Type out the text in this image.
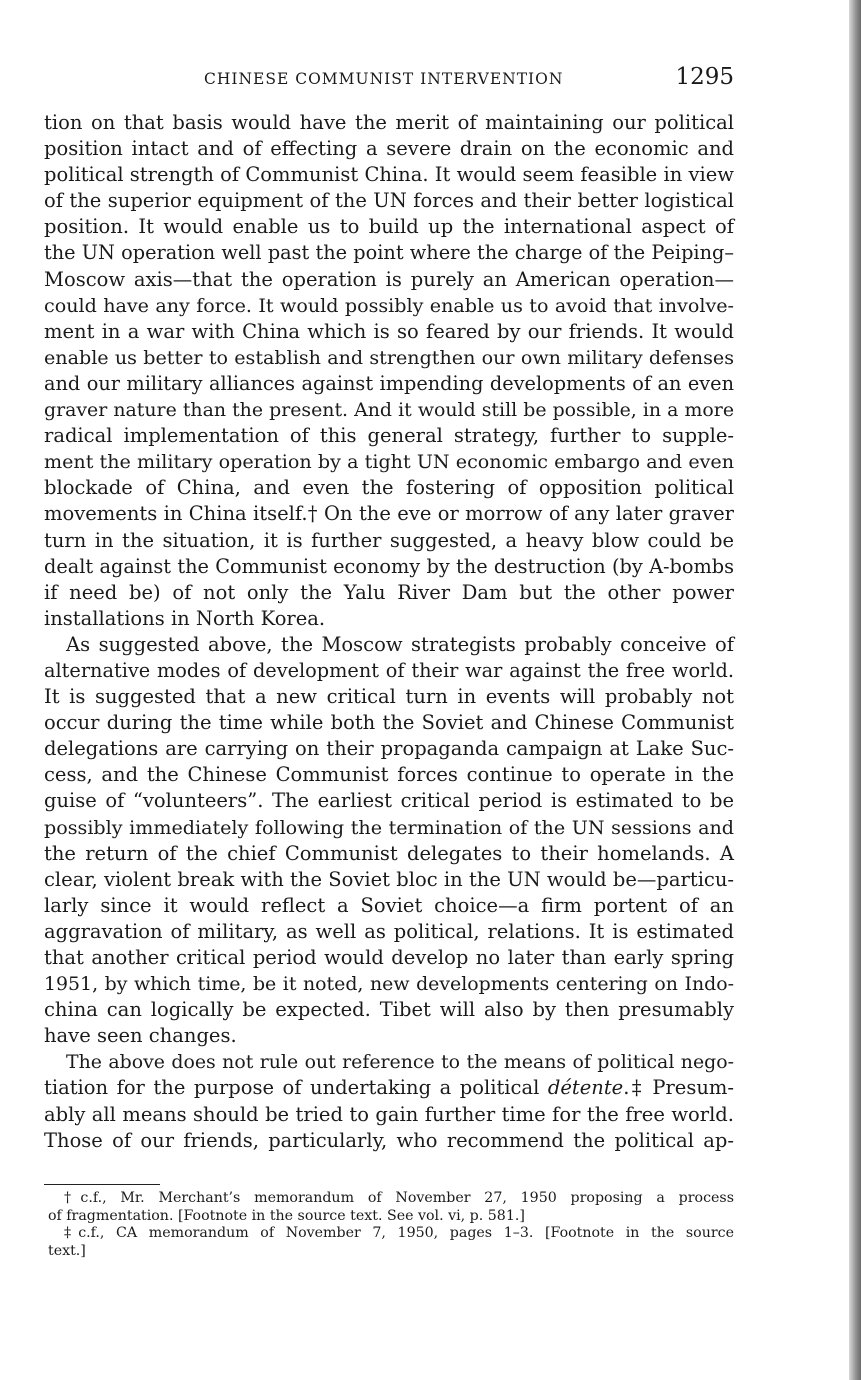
CHINESE COMMUNIST INTERVENTION	1295
tion on that basis would have the merit of maintaining our political
position intact and of effecting a severe drain on the economic and
political strength of Communist China. It would seem feasible in view
of the superior equipment of the UN forces and their better logistical
position. It would enable us to build up the international aspect of
the UN operation well past the point where the charge of the Peiping–
Moscow axis—that the operation is purely an American operation—
could have any force. It would possibly enable us to avoid that involve-
ment in a war with China which is so feared by our friends. It would
enable us better to establish and strengthen our own military defenses
and our military alliances against impending developments of an even
graver nature than the present. And it would still be possible, in a more
radical implementation of this general strategy, further to supple-
ment the military operation by a tight UN economic embargo and even
blockade of China, and even the fostering of opposition political
movements in China itself.† On the eve or morrow of any later graver
turn in the situation, it is further suggested, a heavy blow could be
dealt against the Communist economy by the destruction (by A-bombs
if need be) of not only the Yalu River Dam but the other power
installations in North Korea.
As suggested above, the Moscow strategists probably conceive of
alternative modes of development of their war against the free world.
It is suggested that a new critical turn in events will probably not
occur during the time while both the Soviet and Chinese Communist
delegations are carrying on their propaganda campaign at Lake Suc-
cess, and the Chinese Communist forces continue to operate in the
guise of “volunteers”. The earliest critical period is estimated to be
possibly immediately following the termination of the UN sessions and
the return of the chief Communist delegates to their homelands. A
clear, violent break with the Soviet bloc in the UN would be—particu-
larly since it would reflect a Soviet choice—a firm portent of an
aggravation of military, as well as political, relations. It is estimated
that another critical period would develop no later than early spring
1951, by which time, be it noted, new developments centering on Indo-
china can logically be expected. Tibet will also by then presumably
have seen changes.
The above does not rule out reference to the means of political nego-
tiation for the purpose of undertaking a political détente.‡ Presum-
ably all means should be tried to gain further time for the free world.
Those of our friends, particularly, who recommend the political ap-
†c.f., Mr. Merchant’s memorandum of November 27, 1950 proposing a process
of fragmentation. [Footnote in the source text. See vol. vi, p. 581.]
‡c.f., CA memorandum of November 7, 1950, pages 1–3. [Footnote in the source
text.]
